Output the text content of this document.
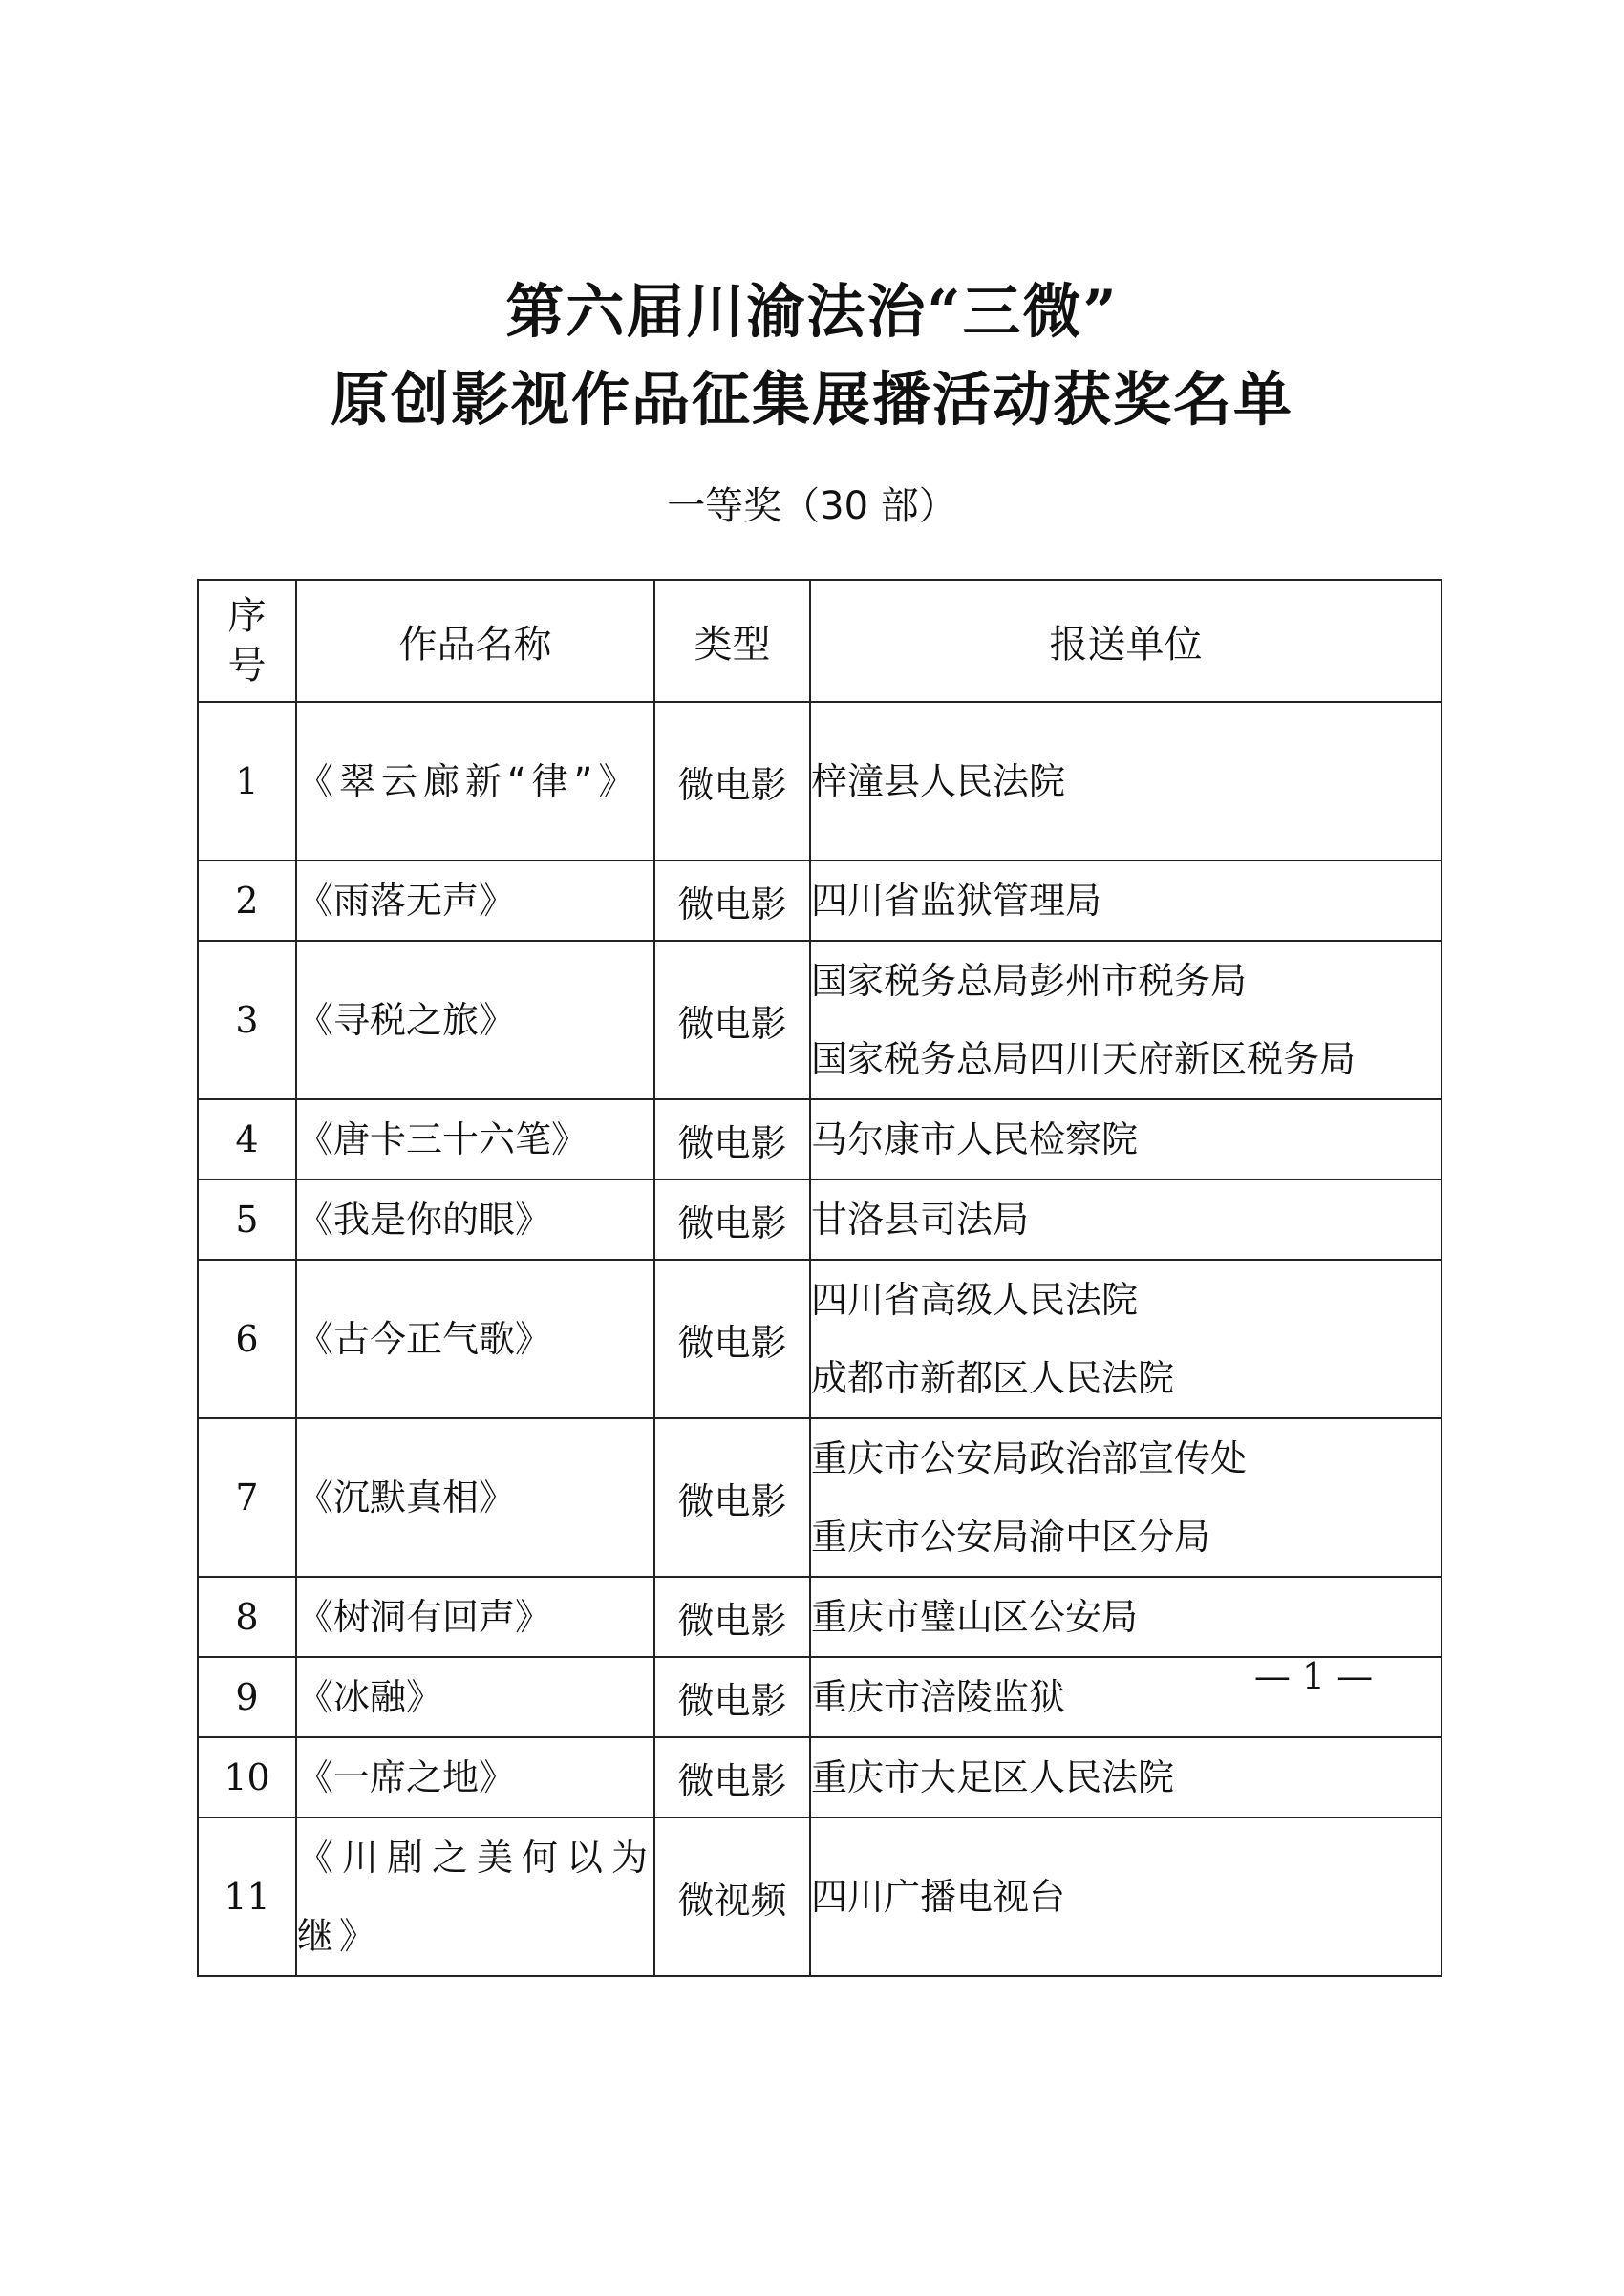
第六届川渝法治“三微”
原创影视作品征集展播活动获奖名单
一等奖（30 部）
序号	作品名称	类型	报送单位
1	《翠云廊新“律”》	微电影	梓潼县人民法院

2	《雨落无声》	微电影	四川省监狱管理局

3	《寻税之旅》	微电影	国家税务总局彭州市税务局
国家税务总局四川天府新区税务局

4	《唐卡三十六笔》	微电影	马尔康市人民检察院

5	《我是你的眼》	微电影	甘洛县司法局

6	《古今正气歌》	微电影	四川省高级人民法院
成都市新都区人民法院

7	《沉默真相》	微电影	重庆市公安局政治部宣传处
重庆市公安局渝中区分局

8	《树洞有回声》	微电影	重庆市璧山区公安局

9	《冰融》	微电影	重庆市涪陵监狱

10	《一席之地》	微电影	重庆市大足区人民法院

11	《川剧之美何以为继》	微视频	四川广播电视台
— 1 —
